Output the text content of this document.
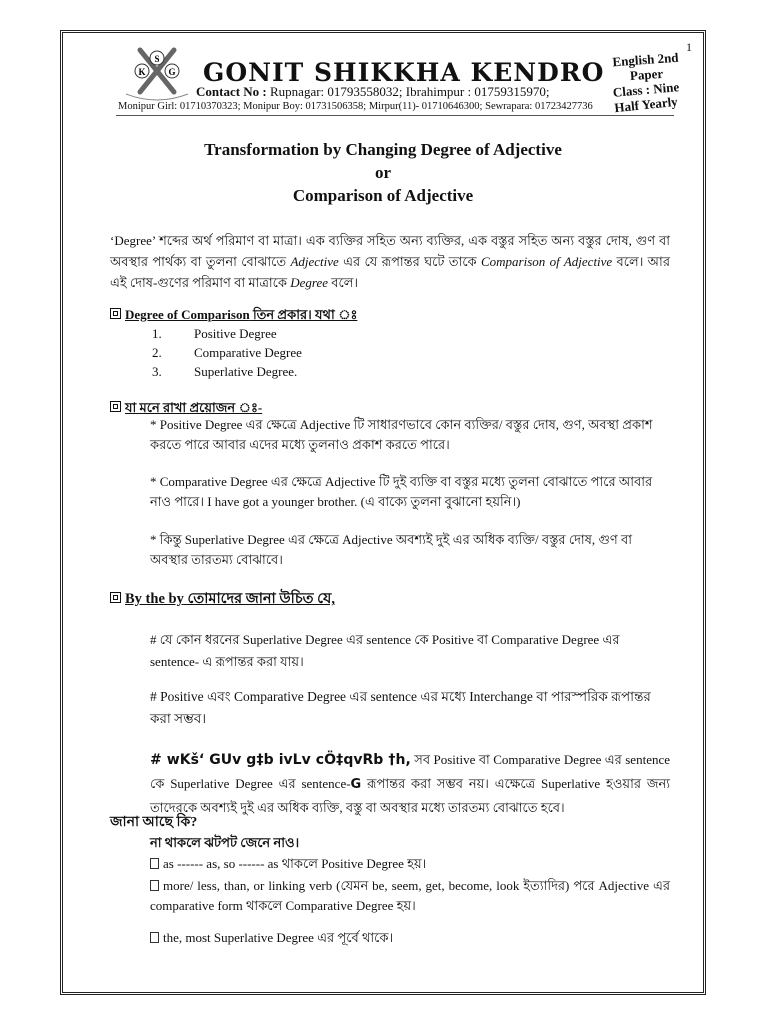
1
S
K	G GONIT SHIKKHA KENDRO English 2nd Paper
Class : Nine
Half Yearly
Contact No : Rupnagar: 01793558032; Ibrahimpur : 01759315970;
Monipur Girl: 01710370323; Monipur Boy: 01731506358; Mirpur(11)- 01710646300; Sewrapara: 01723427736
Transformation by Changing Degree of Adjective
or
Comparison of Adjective
‘Degree’ শব্দের অর্থ পরিমাণ বা মাত্রা। এক ব্যক্তির সহিত অন্য ব্যক্তির, এক বস্তুর সহিত অন্য বস্তুর দোষ, গুণ বা অবস্থার পার্থক্য বা তুলনা বোঝাতে Adjective এর যে রূপান্তর ঘটে তাকে Comparison of Adjective বলে। আর এই দোষ-গুণের পরিমাণ বা মাত্রাকে Degree বলে।
Degree of Comparison তিন প্রকার। যথা ঃ
1. Positive Degree
2. Comparative Degree
3. Superlative Degree.
যা মনে রাখা প্রয়োজন ঃ-
* Positive Degree এর ক্ষেত্রে Adjective টি সাধারণভাবে কোন ব্যক্তির/ বস্তুর দোষ, গুণ, অবস্থা প্রকাশ করতে পারে আবার এদের মধ্যে তুলনাও প্রকাশ করতে পারে।
* Comparative Degree এর ক্ষেত্রে Adjective টি দুই ব্যক্তি বা বস্তুর মধ্যে তুলনা বোঝাতে পারে আবার নাও পারে। I have got a younger brother. (এ বাক্যে তুলনা বুঝানো হয়নি।)
* কিন্তু Superlative Degree এর ক্ষেত্রে Adjective অবশ্যই দুই এর অধিক ব্যক্তি/ বস্তুর দোষ, গুণ বা অবস্থার তারতম্য বোঝাবে।
By the by তোমাদের জানা উচিত যে,
# যে কোন ধরনের Superlative Degree এর sentence কে Positive বা Comparative Degree এর sentence- এ রূপান্তর করা যায়।
# Positive এবং Comparative Degree এর sentence এর মধ্যে Interchange বা পারস্পরিক রূপান্তর করা সম্ভব।
# wKš‘ GUv g‡b ivLv cÖ‡qvRb †h, সব Positive বা Comparative Degree এর sentence কে Superlative Degree এর sentence-G রূপান্তর করা সম্ভব নয়। এক্ষেত্রে Superlative হওয়ার জন্য তাদেরকে অবশ্যই দুই এর অধিক ব্যক্তি, বস্তু বা অবস্থার মধ্যে তারতম্য বোঝাতে হবে।
জানা আছে কি?
না থাকলে ঝটপট জেনে নাও।
as ------ as, so ------ as থাকলে Positive Degree হয়।
more/ less, than, or linking verb (যেমন be, seem, get, become, look ইত্যাদির) পরে Adjective এর comparative form থাকলে Comparative Degree হয়।
the, most Superlative Degree এর পূর্বে থাকে।
